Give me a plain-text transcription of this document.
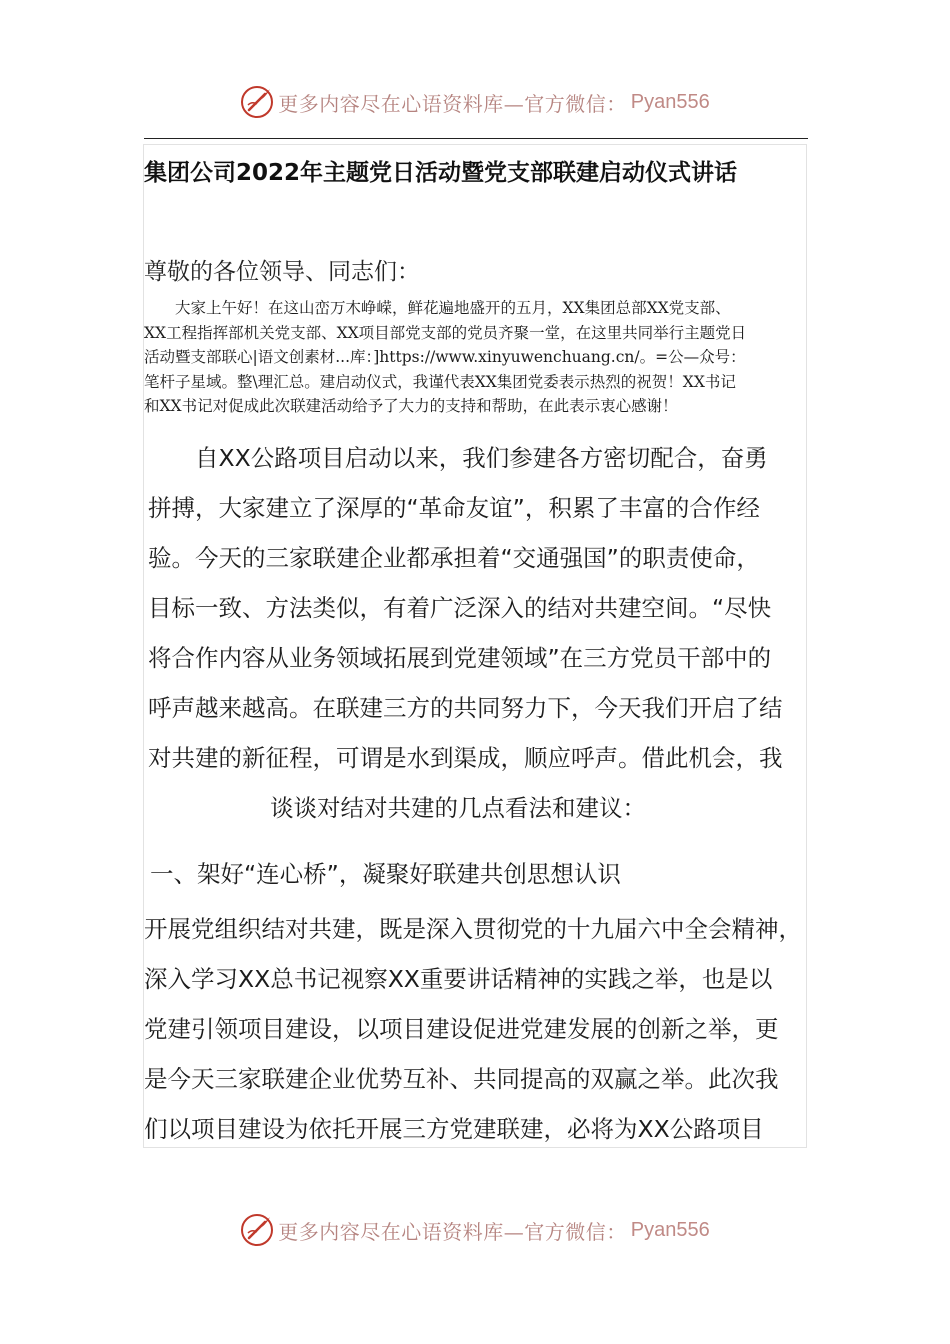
更多内容尽在心语资料库—官方微信： Pyan556
集团公司2022年主题党日活动暨党支部联建启动仪式讲话
尊敬的各位领导、同志们：
　　大家上午好！在这山峦万木峥嵘，鲜花遍地盛开的五月，XX集团总部XX党支部、
XX工程指挥部机关党支部、XX项目部党支部的党员齐聚一堂，在这里共同举行主题党日
活动暨支部联心|语文创素材...库：]https://www.xinyuwenchuang.cn/。=公—众号：
笔杆子星域。整\理汇总。建启动仪式，我谨代表XX集团党委表示热烈的祝贺！XX书记
和XX书记对促成此次联建活动给予了大力的支持和帮助，在此表示衷心感谢！
　　自XX公路项目启动以来，我们参建各方密切配合，奋勇
拼搏，大家建立了深厚的“革命友谊”，积累了丰富的合作经
验。今天的三家联建企业都承担着“交通强国”的职责使命，
目标一致、方法类似，有着广泛深入的结对共建空间。“尽快
将合作内容从业务领域拓展到党建领域”在三方党员干部中的
呼声越来越高。在联建三方的共同努力下，今天我们开启了结
对共建的新征程，可谓是水到渠成，顺应呼声。借此机会，我
谈谈对结对共建的几点看法和建议：
一、架好“连心桥”，凝聚好联建共创思想认识
开展党组织结对共建，既是深入贯彻党的十九届六中全会精神，
深入学习XX总书记视察XX重要讲话精神的实践之举，也是以
党建引领项目建设，以项目建设促进党建发展的创新之举，更
是今天三家联建企业优势互补、共同提高的双赢之举。此次我
们以项目建设为依托开展三方党建联建，必将为XX公路项目
更多内容尽在心语资料库—官方微信： Pyan556
